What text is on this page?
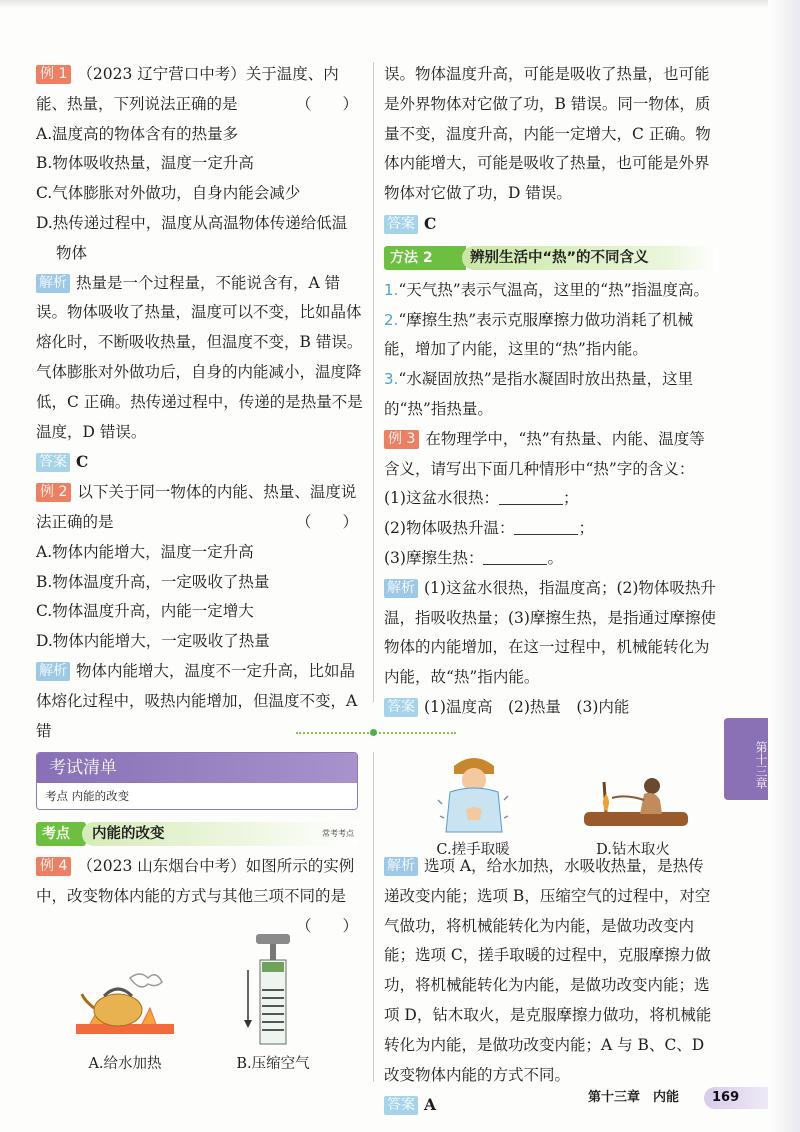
例 1 （2023 辽宁营口中考）关于温度、内能、热量，下列说法正确的是	（　　）
A.温度高的物体含有的热量多
B.物体吸收热量，温度一定升高
C.气体膨胀对外做功，自身内能会减少
D.热传递过程中，温度从高温物体传递给低温
物体
解析 热量是一个过程量，不能说含有，A 错误。物体吸收了热量，温度可以不变，比如晶体熔化时，不断吸收热量，但温度不变，B 错误。气体膨胀对外做功后，自身的内能减小，温度降低，C 正确。热传递过程中，传递的是热量不是温度，D 错误。
答案 C
例 2 以下关于同一物体的内能、热量、温度说法正确的是	（　　）
A.物体内能增大，温度一定升高
B.物体温度升高，一定吸收了热量
C.物体温度升高，内能一定增大
D.物体内能增大，一定吸收了热量
解析 物体内能增大，温度不一定升高，比如晶体熔化过程中，吸热内能增加，但温度不变，A 错
误。物体温度升高，可能是吸收了热量，也可能是外界物体对它做了功，B 错误。同一物体，质量不变，温度升高，内能一定增大，C 正确。物体内能增大，可能是吸收了热量，也可能是外界物体对它做了功，D 错误。
答案 C
方法 2	辨别生活中“热”的不同含义
1.“天气热”表示气温高，这里的“热”指温度高。
2.“摩擦生热”表示克服摩擦力做功消耗了机械能，增加了内能，这里的“热”指内能。
3.“水凝固放热”是指水凝固时放出热量，这里的“热”指热量。
例 3 在物理学中，“热”有热量、内能、温度等含义，请写出下面几种情形中“热”字的含义：
(1)这盆水很热：	；
(2)物体吸热升温：	；
(3)摩擦生热：	。
解析 (1)这盆水很热，指温度高；(2)物体吸热升温，指吸收热量；(3)摩擦生热，是指通过摩擦使物体的内能增加，在这一过程中，机械能转化为内能，故“热”指内能。
答案 (1)温度高　(2)热量　(3)内能
考试清单
考点 内能的改变
考点	内能的改变	常考考点
例 4 （2023 山东烟台中考）如图所示的实例中，改变物体内能的方式与其他三项不同的是
（　　）
A.给水加热	B.压缩空气
C.搓手取暖	D.钻木取火
解析 选项 A，给水加热，水吸收热量，是热传递改变内能；选项 B，压缩空气的过程中，对空气做功，将机械能转化为内能，是做功改变内能；选项 C，搓手取暖的过程中，克服摩擦力做功，将机械能转化为内能，是做功改变内能；选项 D，钻木取火，是克服摩擦力做功，将机械能转化为内能，是做功改变内能；A 与 B、C、D 改变物体内能的方式不同。
答案 A
第十三章
第十三章　内能	169
